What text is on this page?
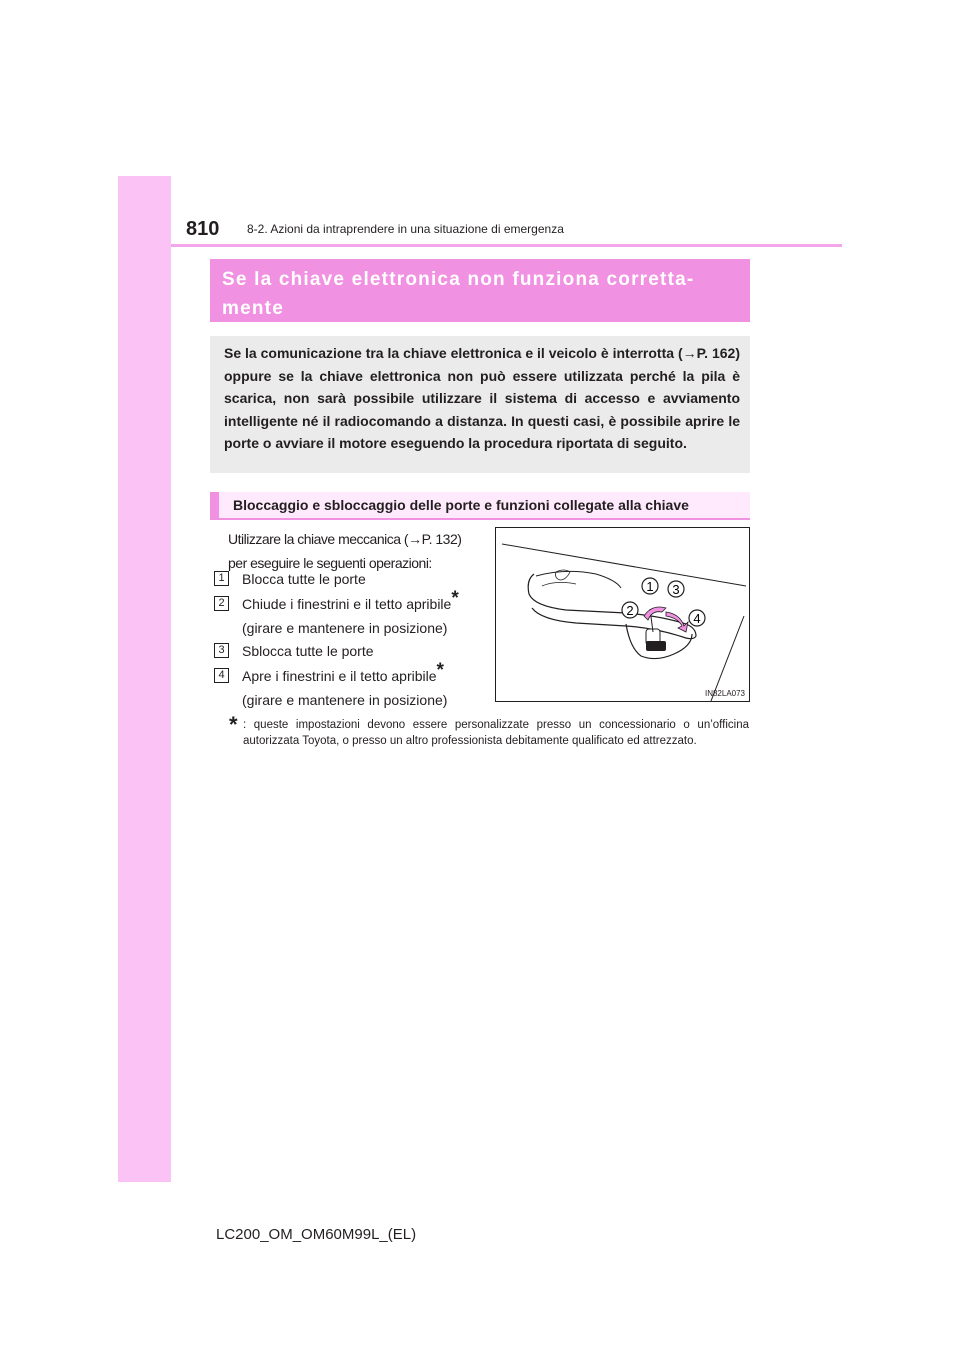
810 8-2. Azioni da intraprendere in una situazione di emergenza
Se la chiave elettronica non funziona corretta-
mente
Se la comunicazione tra la chiave elettronica e il veicolo è interrotta (→P. 162) oppure se la chiave elettronica non può essere utilizzata perché la pila è scarica, non sarà possibile utilizzare il sistema di accesso e avviamento intelligente né il radiocomando a distanza. In questi casi, è possibile aprire le porte o avviare il motore eseguendo la procedura riportata di seguito.
Bloccaggio e sbloccaggio delle porte e funzioni collegate alla chiave
Utilizzare la chiave meccanica (→P. 132)
per eseguire le seguenti operazioni:
1	Blocca tutte le porte
2	Chiude i finestrini e il tetto apribile*
(girare e mantenere in posizione)
3	Sblocca tutte le porte
4	Apre i finestrini e il tetto apribile*
(girare e mantenere in posizione)
* : queste impostazioni devono essere personalizzate presso un concessionario o un’officina autorizzata Toyota, o presso un altro professionista debitamente qualificato ed attrezzato.
1 3
2
4
IN82LA073
LC200_OM_OM60M99L_(EL)
